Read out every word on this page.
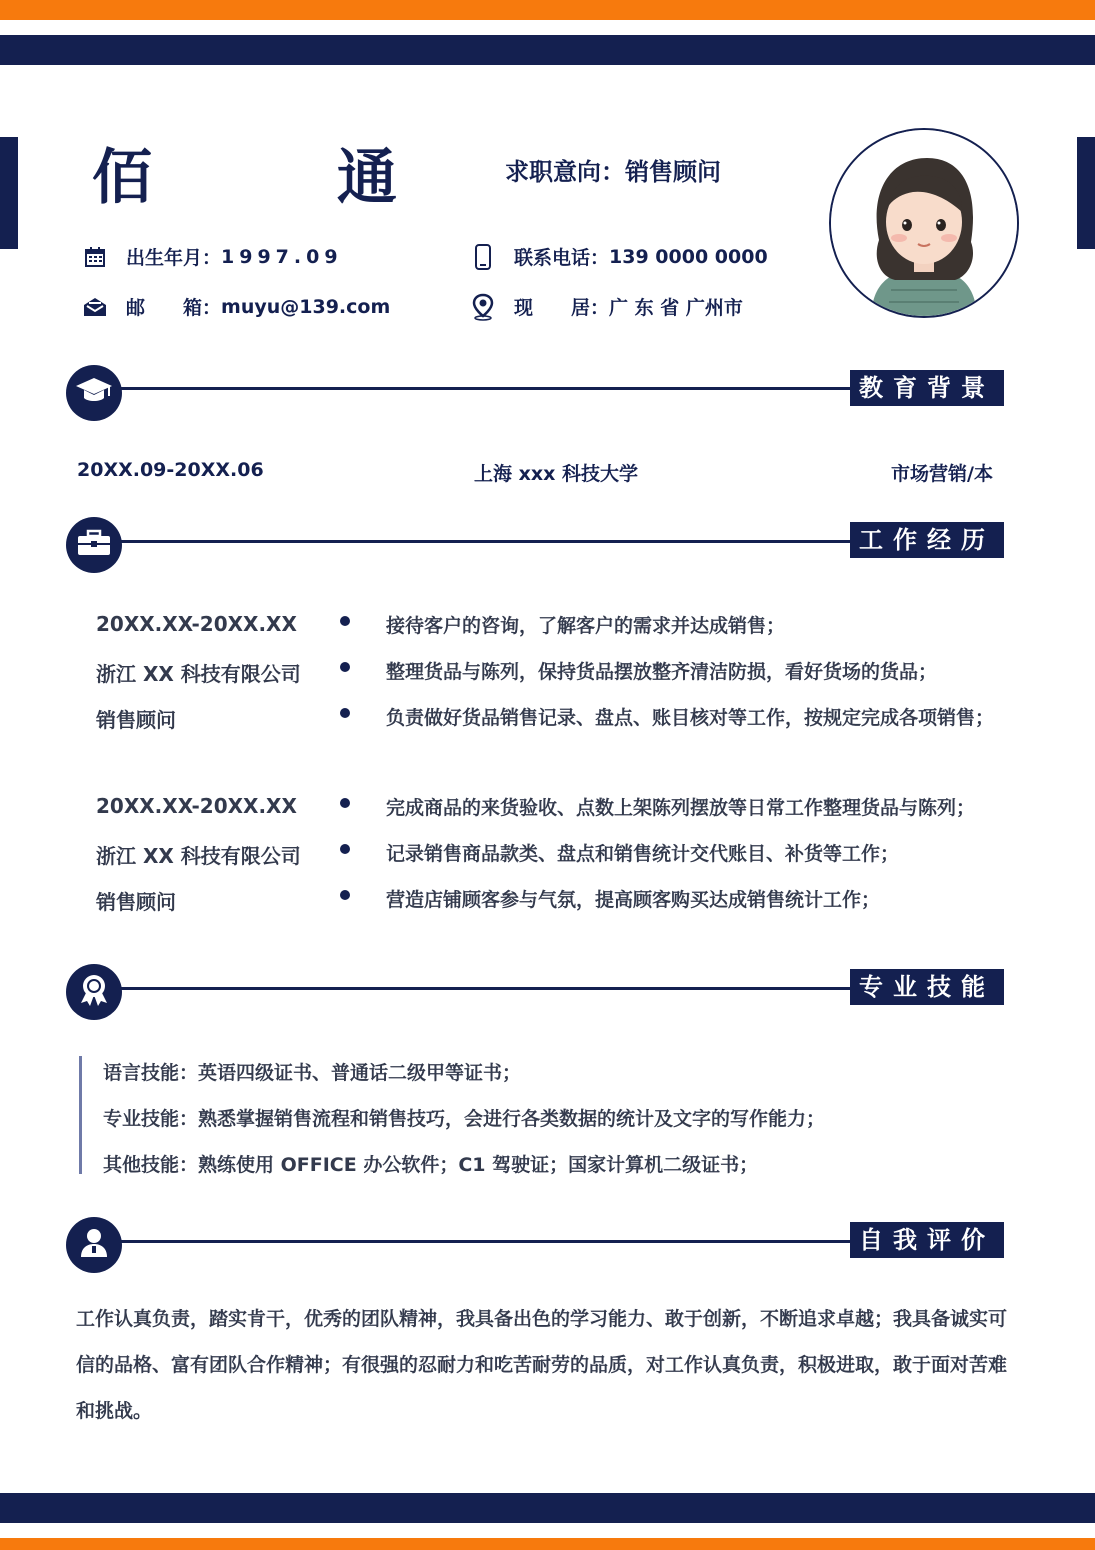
佰 通 求职意向：销售顾问
出生年月： 1997.09
邮　　箱： muyu@139.com
联系电话： 139 0000 0000
现　　居： 广 东 省 广州市
教育背景
20XX.09-20XX.06	上海 xxx 科技大学	市场营销/本
工作经历
20XX.XX-20XX.XX
浙江 XX 科技有限公司
销售顾问
接待客户的咨询，了解客户的需求并达成销售；
整理货品与陈列，保持货品摆放整齐清洁防损，看好货场的货品；
负责做好货品销售记录、盘点、账目核对等工作，按规定完成各项销售；
20XX.XX-20XX.XX
浙江 XX 科技有限公司
销售顾问
完成商品的来货验收、点数上架陈列摆放等日常工作整理货品与陈列；
记录销售商品款类、盘点和销售统计交代账目、补货等工作；
营造店铺顾客参与气氛，提高顾客购买达成销售统计工作；
专业技能
语言技能：英语四级证书、普通话二级甲等证书；
专业技能：熟悉掌握销售流程和销售技巧，会进行各类数据的统计及文字的写作能力；
其他技能：熟练使用 OFFICE 办公软件；C1 驾驶证；国家计算机二级证书；
自我评价
工作认真负责，踏实肯干，优秀的团队精神，我具备出色的学习能力、敢于创新，不断追求卓越；我具备诚实可信的品格、富有团队合作精神；有很强的忍耐力和吃苦耐劳的品质，对工作认真负责，积极进取，敢于面对苦难和挑战。
